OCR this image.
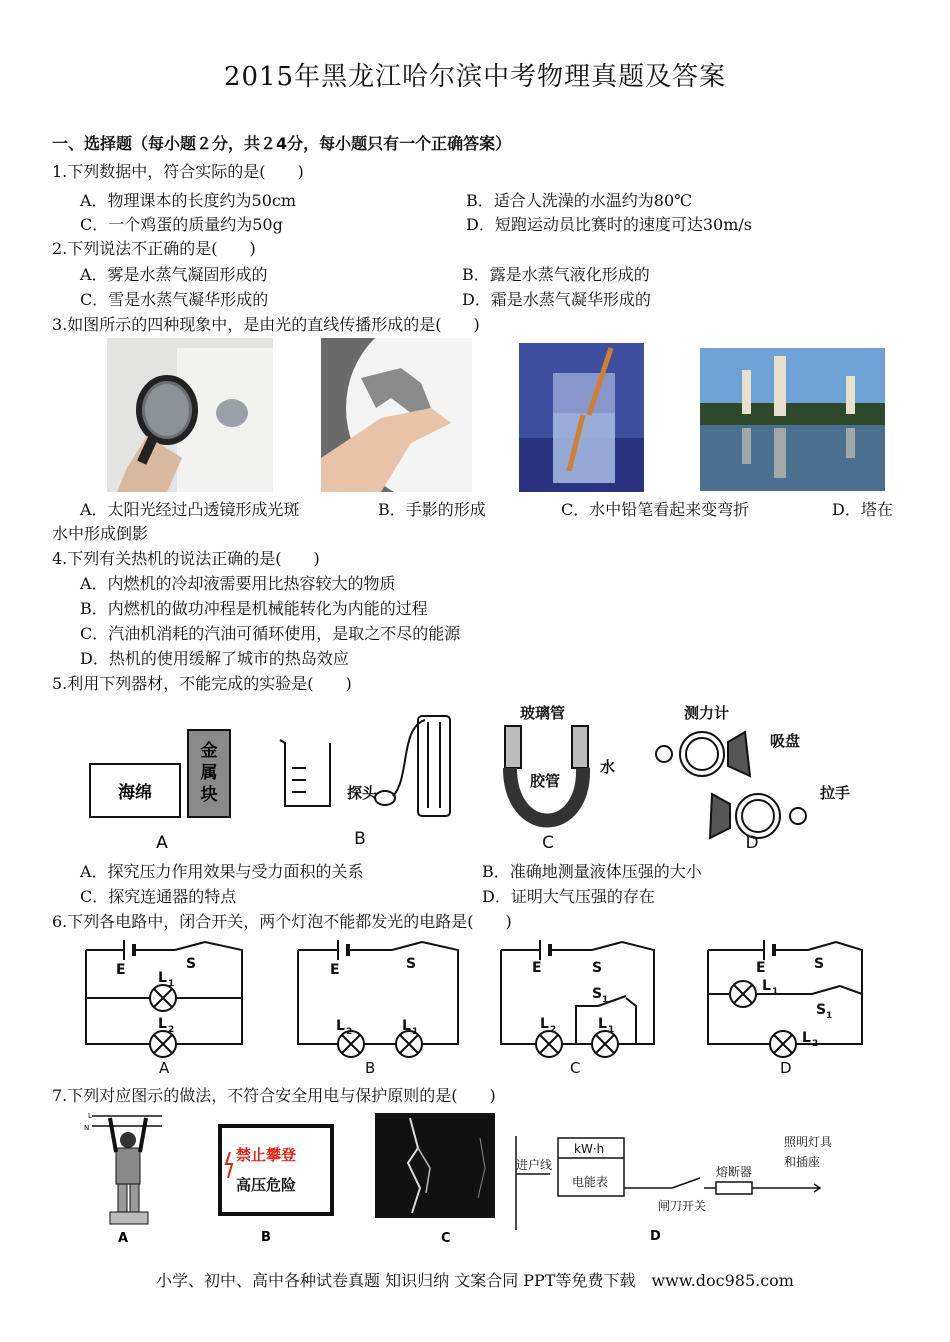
2015年黑龙江哈尔滨中考物理真题及答案
一、选择题（每小题２分，共２4分，每小题只有一个正确答案）
1.下列数据中，符合实际的是(　　)
A．物理课本的长度约为50cm	B．适合人洗澡的水温约为80℃
C．一个鸡蛋的质量约为50g	D．短跑运动员比赛时的速度可达30m/s
2.下列说法不正确的是(　　)
A．雾是水蒸气凝固形成的	B．露是水蒸气液化形成的
C．雪是水蒸气凝华形成的	D．霜是水蒸气凝华形成的
3.如图所示的四种现象中，是由光的直线传播形成的是(　　)
A．太阳光经过凸透镜形成光斑	B．手影的形成	C．水中铅笔看起来变弯折	D．塔在
水中形成倒影
4.下列有关热机的说法正确的是(　　)
A．内燃机的冷却液需要用比热容较大的物质
B．内燃机的做功冲程是机械能转化为内能的过程
C．汽油机消耗的汽油可循环使用，是取之不尽的能源
D．热机的使用缓解了城市的热岛效应
5.利用下列器材，不能完成的实验是(　　)
海绵
金
属
块
A
探头
B
玻璃管
胶管
水
C
测力计
吸盘
拉手
D
A．探究压力作用效果与受力面积的关系	B．准确地测量液体压强的大小
C．探究连通器的特点	D．证明大气压强的存在
6.下列各电路中，闭合开关，两个灯泡不能都发光的电路是(　　)
E	S
L 1
L 2
E	S
L 2	L 1
E	S
S 1
L 2	L 1
E	S
L 1
S 1
L 2
A	B	C	D
7.下列对应图示的做法，不符合安全用电与保护原则的是(　　)
L
N
A
禁止攀登
高压危险
B	C
进户线
kW·h
电能表
闸刀开关
熔断器
照明灯具
和插座
D
小学、初中、高中各种试卷真题 知识归纳 文案合同 PPT等免费下载　www.doc985.com
